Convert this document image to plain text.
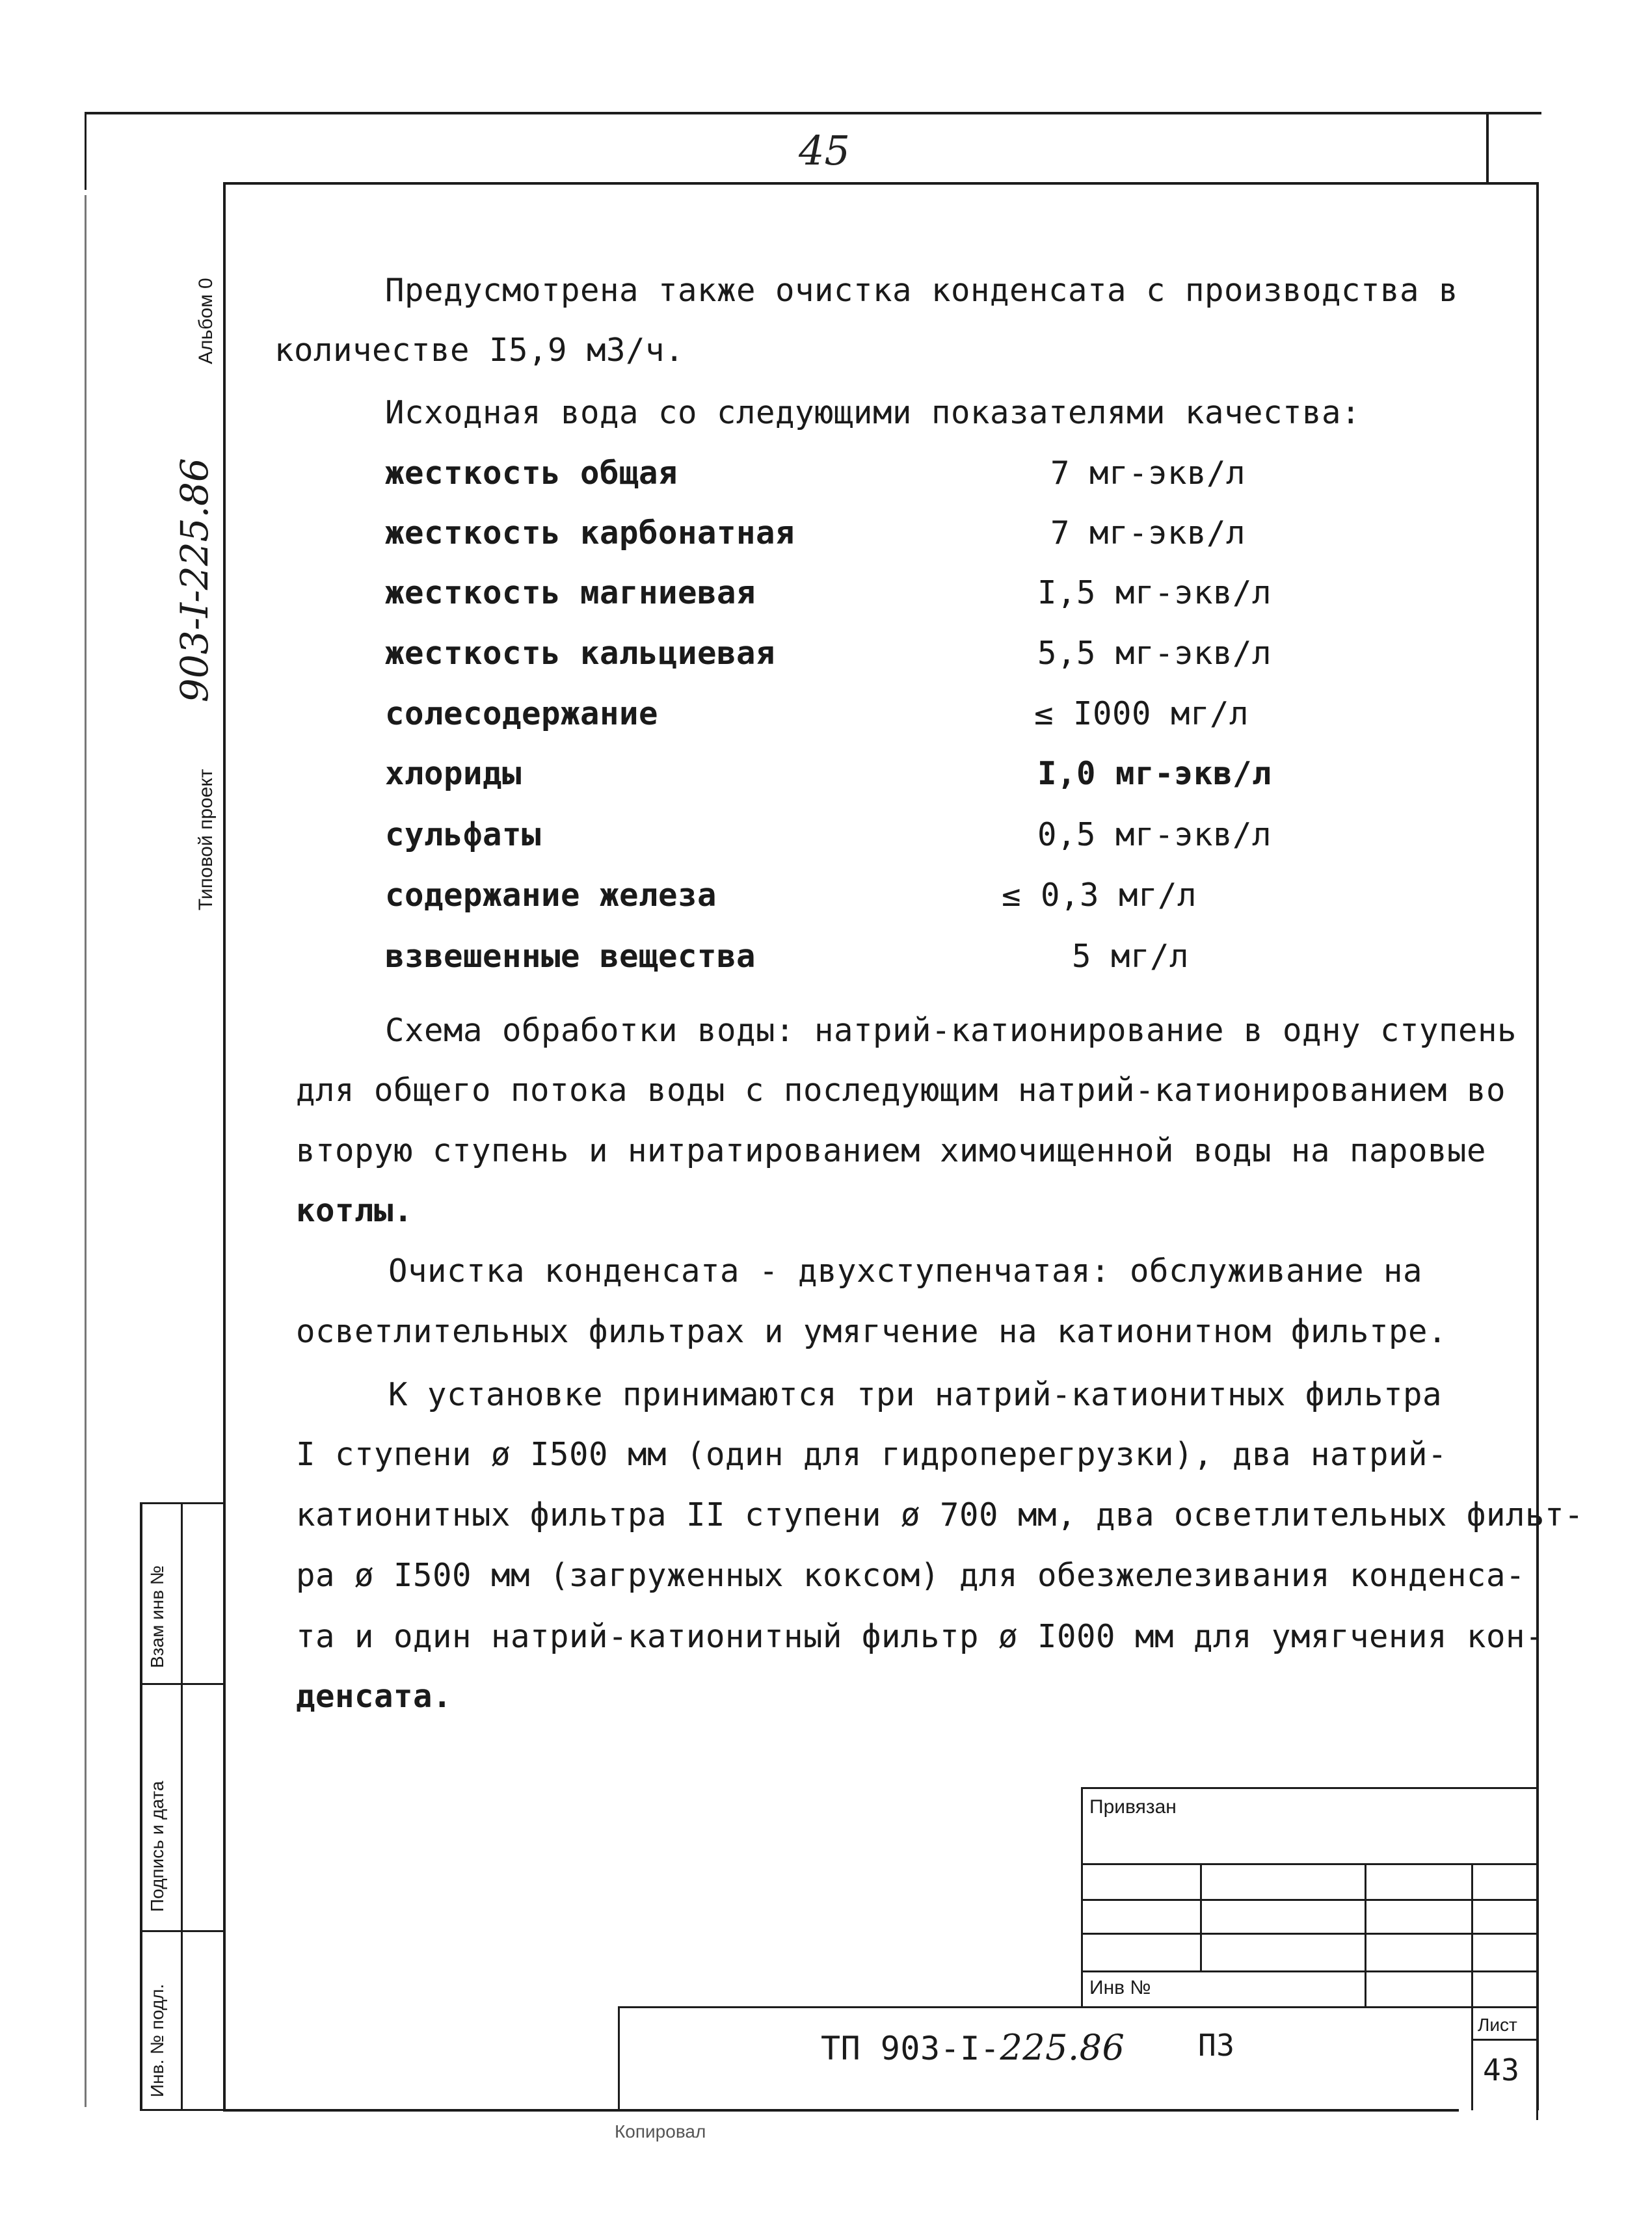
45
Альбом 0
903-I-225.86
Типовой проект
Взам инв №
Подпись и дата
Инв. № подл.
Предусмотрена также очистка конденсата с производства в
количестве I5,9 м3/ч.
Исходная вода со следующими показателями качества:
жесткость общая	7 мг-экв/л
жесткость карбонатная	7 мг-экв/л
жесткость магниевая	I,5 мг-экв/л
жесткость кальциевая	5,5 мг-экв/л
солесодержание	≤ I000 мг/л
хлориды	I,0 мг-экв/л
сульфаты	0,5 мг-экв/л
содержание железа	≤ 0,3 мг/л
взвешенные вещества	5 мг/л
Схема обработки воды: натрий-катионирование в одну ступень
для общего потока воды с последующим натрий-катионированием во
вторую ступень и нитратированием химочищенной воды на паровые
котлы.
Очистка конденсата - двухступенчатая: обслуживание на
осветлительных фильтрах и умягчение на катионитном фильтре.
К установке принимаются три натрий-катионитных фильтра
I ступени ø I500 мм (один для гидроперегрузки), два натрий-
катионитных фильтра II ступени ø 700 мм, два осветлительных фильт-
ра ø I500 мм (загруженных коксом) для обезжелезивания конденса-
та и один натрий-катионитный фильтр ø I000 мм для умягчения кон-
денсата.
Привязан
Инв №
ТП 903-I-225.86 ПЗ
Лист
43
Копировал
